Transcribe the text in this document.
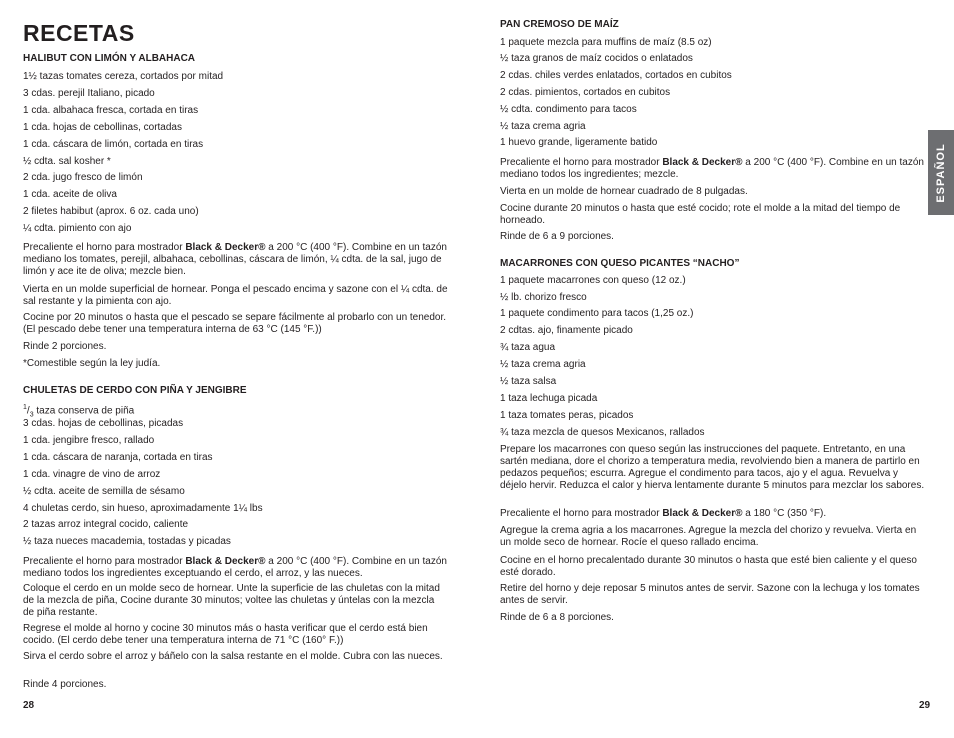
RECETAS

HALIBUT CON LIMÓN Y ALBAHACA

1½ tazas tomates cereza, cortados por mitad

3 cdas. perejil Italiano, picado

1 cda. albahaca fresca, cortada en tiras

1 cda. hojas de cebollinas, cortadas

1 cda. cáscara de limón, cortada en tiras

½ cdta. sal kosher *

2 cda. jugo fresco de limón

1 cda. aceite de oliva

2 filetes habibut (aprox. 6 oz. cada uno)

¼ cdta. pimiento con ajo

Precaliente el horno para mostrador Black & Decker® a 200 °C (400 °F). Combine en un tazón mediano los tomates, perejil, albahaca, cebollinas, cáscara de limón, ¼ cdta. de la sal, jugo de limón y ace ite de oliva; mezcle bien.

Vierta en un molde superficial de hornear. Ponga el pescado encima y sazone con el ¼ cdta. de sal restante y la pimienta con ajo.

Cocine por 20 minutos o hasta que el pescado se separe fácilmente al probarlo con un tenedor. (El pescado debe tener una temperatura interna de 63 °C (145 °F.))

Rinde 2 porciones.

*Comestible según la ley judía.

CHULETAS DE CERDO CON PIÑA Y JENGIBRE

$^1/_3$ taza conserva de piña

3 cdas. hojas de cebollinas, picadas

1 cda. jengibre fresco, rallado

1 cda. cáscara de naranja, cortada en tiras

1 cda. vinagre de vino de arroz

½ cdta. aceite de semilla de sésamo

4 chuletas cerdo, sin hueso, aproximadamente 1¼ lbs

2 tazas arroz integral cocido, caliente

½ taza nueces macademia, tostadas y picadas

Precaliente el horno para mostrador Black & Decker® a 200 °C (400 °F). Combine en un tazón mediano todos los ingredientes exceptuando el cerdo, el arroz, y las nueces.

Coloque el cerdo en un molde seco de hornear. Unte la superficie de las chuletas con la mitad de la mezcla de piña, Cocine durante 30 minutos; voltee las chuletas y úntelas con la mezcla de piña restante.

Regrese el molde al horno y cocine 30 minutos más o hasta verificar que el cerdo está bien cocido. (El cerdo debe tener una temperatura interna de 71 °C (160° F.))

Sirva el cerdo sobre el arroz y báñelo con la salsa restante en el molde. Cubra con las nueces.

Rinde 4 porciones.

28

PAN CREMOSO DE MAÍZ

1 paquete mezcla para muffins de maíz (8.5 oz)

½ taza granos de maíz cocidos o enlatados

2 cdas. chiles verdes enlatados, cortados en cubitos

2 cdas. pimientos, cortados en cubitos

½ cdta. condimento para tacos

½ taza crema agria

1 huevo grande, ligeramente batido

Precaliente el horno para mostrador Black & Decker® a 200 °C (400 °F). Combine en un tazón mediano todos los ingredientes; mezcle.

Vierta en un molde de hornear cuadrado de 8 pulgadas.

Cocine durante 20 minutos o hasta que esté cocido; rote el molde a la mitad del tiempo de horneado.

Rinde de 6 a 9 porciones.

MACARRONES CON QUESO PICANTES “NACHO”

1 paquete macarrones con queso (12 oz.)

½ lb. chorizo fresco

1 paquete condimento para tacos (1,25 oz.)

2 cdtas. ajo, finamente picado

¾ taza agua

½ taza crema agria

½ taza salsa

1 taza lechuga picada

1 taza tomates peras, picados

¾ taza mezcla de quesos Mexicanos, rallados

Prepare los macarrones con queso según las instrucciones del paquete. Entretanto, en una sartén mediana, dore el chorizo a temperatura media, revolviendo bien a manera de partirlo en pedazos pequeños; escurra. Agregue el condimento para tacos, ajo y el agua. Revuelva y déjelo hervir. Reduzca el calor y hierva lentamente durante 5 minutos para mezclar los sabores.

Precaliente el horno para mostrador Black & Decker® a 180 °C (350 °F).

Agregue la crema agria a los macarrones. Agregue la mezcla del chorizo y revuelva. Vierta en un molde seco de hornear. Rocíe el queso rallado encima.

Cocine en el horno precalentado durante 30 minutos o hasta que esté bien caliente y el queso esté dorado.

Retire del horno y deje reposar 5 minutos antes de servir. Sazone con la lechuga y los tomates antes de servir.

Rinde de 6 a 8 porciones.

29

ESPAÑOL
